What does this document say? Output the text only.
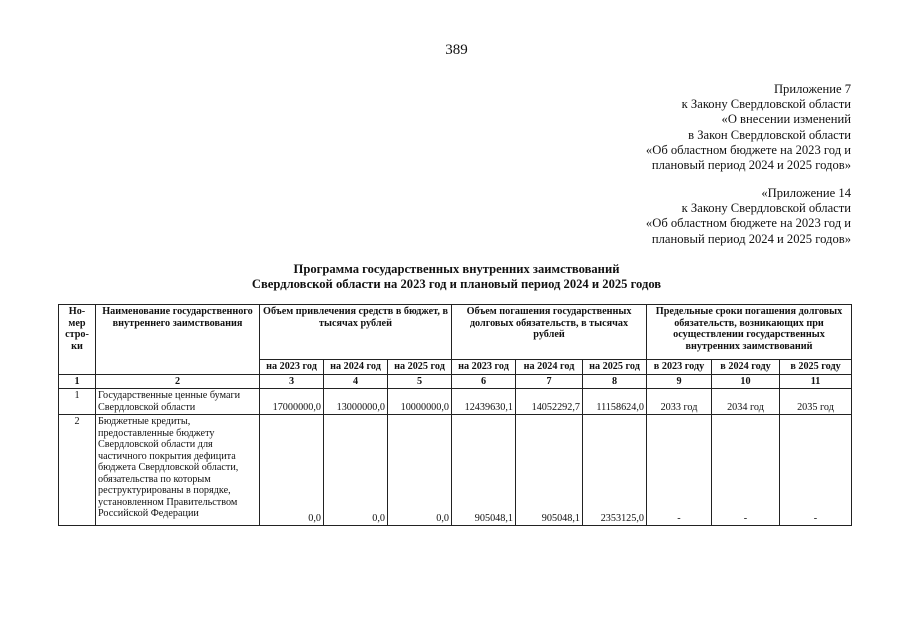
389
Приложение 7
к Закону Свердловской области
«О внесении изменений
в Закон Свердловской области
«Об областном бюджете на 2023 год и
плановый период 2024 и 2025 годов»
«Приложение 14
к Закону Свердловской области
«Об областном бюджете на 2023 год и
плановый период 2024 и 2025 годов»
Программа государственных внутренних заимствований
Свердловской области на 2023 год и плановый период 2024 и 2025 годов
Но-мер стро-ки	Наименование государственного внутреннего заимствования	Объем привлечения средств в бюджет, в тысячах рублей			Объем погашения государственных долговых обязательств, в тысячах рублей			Предельные сроки погашения долговых обязательств, возникающих при осуществлении государственных внутренних заимствований		
		на 2023 год	на 2024 год	на 2025 год	на 2023 год	на 2024 год	на 2025 год	в 2023 году	в 2024 году	в 2025 году
1	2	3	4	5	6	7	8	9	10	11
1	Государственные ценные бумаги Свердловской области	17000000,0	13000000,0	10000000,0	12439630,1	14052292,7	11158624,0	2033 год	2034 год	2035 год
2	Бюджетные кредиты, предоставленные бюджету Свердловской области для частичного покрытия дефицита бюджета Свердловской области, обязательства по которым реструктурированы в порядке, установленном Правительством Российской Федерации	0,0	0,0	0,0	905048,1	905048,1	2353125,0	-	-	-
